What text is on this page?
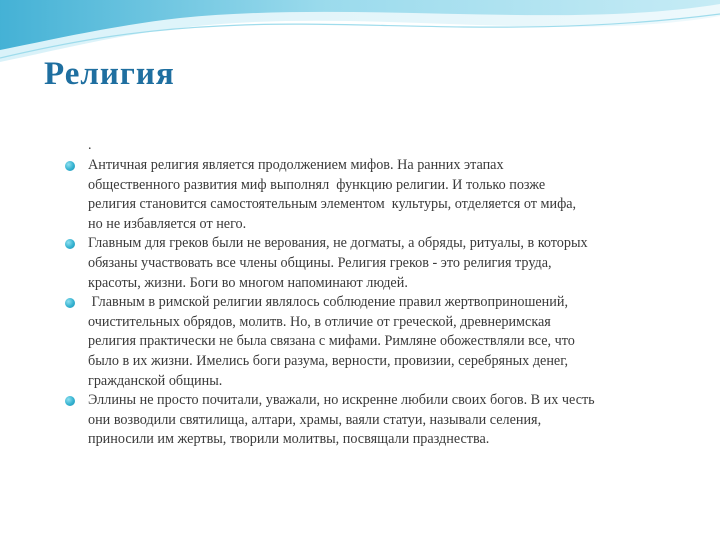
Религия
.
Античная религия является продолжением мифов. На ранних этапах
общественного развития миф выполнял  функцию религии. И только позже
религия становится самостоятельным элементом  культуры, отделяется от мифа,
но не избавляется от него.
Главным для греков были не верования, не догматы, а обряды, ритуалы, в которых
обязаны участвовать все члены общины. Религия греков - это религия труда,
красоты, жизни. Боги во многом напоминают людей.
Главным в римской религии являлось соблюдение правил жертвоприношений,
очистительных обрядов, молитв. Но, в отличие от греческой, древнеримская
религия практически не была связана с мифами. Римляне обожествляли все, что
было в их жизни. Имелись боги разума, верности, провизии, серебряных денег,
гражданской общины.
Эллины не просто почитали, уважали, но искренне любили своих богов. В их честь
они возводили святилища, алтари, храмы, ваяли статуи, называли селения,
приносили им жертвы, творили молитвы, посвящали празднества.
